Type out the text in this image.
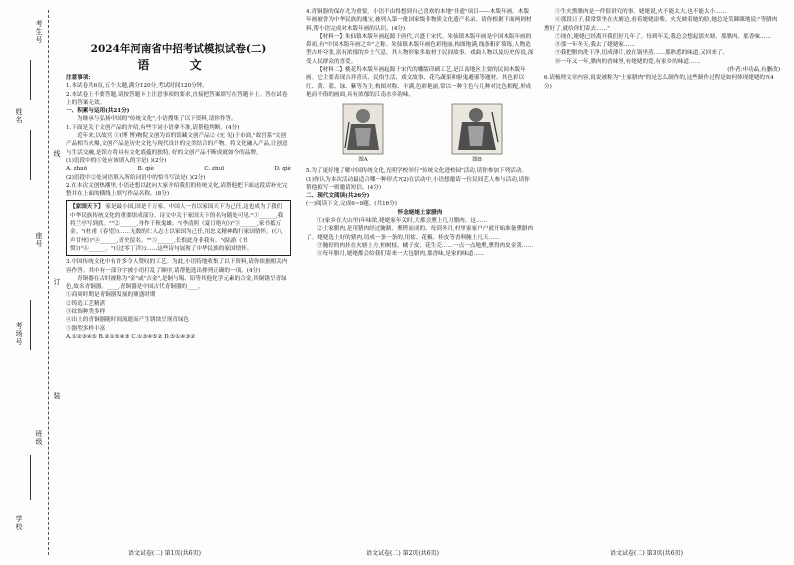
考生号
姓名
线
座号
订
考场号
装
班级
学校
2024年河南省中招考试模拟试卷(二)
语 文

注意事项:

1.本试卷共6页,五个大题,满分120分,考试时间120分钟。

2.本试卷上不要答题,请按答题卡上注意事项的要求,直接把答案填写在答题卡上。答在试卷上的答案无效。

一、积累与运用(共21分)

为继承与弘扬中国的"传统文化",小语搜集了以下资料,请你作答。

1.下面是关于文创产品的介绍,有些字词小语拿不准,请帮他判断。(4分)

近年来,以故宫 ①(博 博)物院文创为首的馆藏文创产品② (充 见)于市面,"故宫系"文创产品相当火爆,文创产品是历史文化与现代设计的完美结合的产物。将文化融入产品,让创意与生活交融,是馆方将具有文化底蕴的独特, 好的文创产品不断成就如今的品牌。

(1)语段中的①处应该填入的字是( )(2分)

A. zhuō	B. qiè	C. zhuī	D. qiè

(2)语段中②处词语填入所给词语中的恰当写法是( )(2分)

2.在本次文创热潮里,小语还想以此向大家介绍我们的传统文化,请帮他把下面这段话补充完整并在上面的横线上填写作品名称。(8分)

【家国天下】 家是最小国,国是千万家。中国人一直以家国天下为己任,这也成为了我们中华民族传统文化的重要组成部分。诗文中关于家国天下的名句随处可见:"①______,我将兰亭写到底。""②______,身作千秋鬼雄。"(李清照《夏日绝句》)"③______,家书抵万金。"(杜甫《春望》)……无数的仁人志士以家国为己任,用忠义精神践行家国情怀。(《八声甘州》)"④______,青史留名。""⑤______,长恨此身非我有。"(陆游《书愤》)"⑥______。"(《过零丁洋》)……这些诗句展现了中华民族的家国情怀。

3.中国传统文化中有许多令人赞叹的工艺。为此,小语特地收集了以下资料,请你依据相关内容作答。其中有一部分字被小语打乱了顺序,请帮他选出排列正确的一项。(4分)

青铜器在古时被称为"金"或"吉金",是铜与锡、铅等其他化学元素的合金,其铜锈呈青绿色,故名青铜器。____,青铜器是中国古代青铜器的____。

①商周时期是青铜器发展的鼎盛时期

②铸造工艺精湛

③纹饰种类多样

④出土的青铜器随时间流逝而产生锈蚀呈现青绿色

⑤器型多样丰富

A.①②③④⑤ B.②①⑤④③ C.①③④⑤② D.⑤①④③②

4.青铜器的保存尤为重要。小语不由得想到自己喜欢的本地"非遗"项目——木版年画。木版年画被誉为中华民族的瑰宝,被列入第一批国家级非物质文化遗产名录。请你根据下面两则材料,帮小语完成对木版年画的认识。(4分)

【材料一】朱仙镇木版年画起源于唐代,兴盛于宋代。朱仙镇木版年画是中国木版年画的鼻祖,有"中国木版年画之乡"之称。朱仙镇木版年画色彩艳丽,构图饱满,线条粗犷简练,人物造型古朴夸张,富有浓郁的乡土气息。其人物形象多取材于民间故事、戏曲人物以及历史传说,深受人民群众的喜爱。

【材料二】桃花坞木版年画起源于宋代的雕版印刷工艺,是江南地区主要的民间木版年画。它主要表现吉祥喜庆、民俗生活、戏文故事、花鸟蔬果和驱鬼避邪等题材。其色彩以红、黄、蓝、绿、紫等为主,构图对称、丰满,色彩艳丽,常以一种主色与几种对比色相配,形成艳而不俗的画面,具有浓郁的江南水乡韵味。

图A	图B

5.为了更好地了解中国传统文化,光明学校举行"传统文化进校园"活动,请你参加下列活动。(1)你认为本次活动最适合哪一种形式?(2)在活动中,小语想邀请一位民间艺人参与活动,请你帮他拟写一则邀请短信。(4分)

二、现代文阅读(共26分)

(一)阅读下文,完成6~9题。(共16分)

怀念姥姥土家腊肉

①(家乡在大山里)年味浓,姥姥家年关时,大都会熏上几刀腊肉。这……

②土家腊肉,是用猪肉经过腌制、熏烤而成的。每到冬月,村里家家户户就开始准备熏腊肉了。姥姥选上好的猪肉,切成一条一条的,用盐、花椒、桂皮等香料腌上几天……

③腌好的肉挂在火塘上方,柏树枝、橘子皮、花生壳……一点一点地熏,熏得肉皮金黄……

④每年腊月,姥姥都会给我们寄来一大包腊肉,那香味,是家的味道……

⑤生火熏腊肉是一件很讲究的事。姥姥说,火不能太大,也不能太小……

⑥那段日子,我常常坐在火塘边,看着姥姥添柴。火光映着她的脸,她总是笑眯眯地说:"等腊肉熏好了,就给你们寄去……"

⑦现在,姥姥已经离开我们好几年了。每到年关,我总会想起那火塘、那腊肉、那香味……

⑧那一年冬天,我去了姥姥家……

⑨我把腊肉洗干净,切成薄片,放在锅里蒸……那熟悉的味道,又回来了。

⑩一年又一年,腊肉的香味里,有姥姥的爱,有家乡的味道……

(作者:申功晶,有删改)

6.请梳理文章内容,说说被称为"土家腊肉"的是怎么制作的,这些制作过程是如何体现姥姥的?(4分)

语文试卷(二) 第1页(共6页)	语文试卷(二) 第2页(共6页)	语文试卷(二) 第3页(共6页)
